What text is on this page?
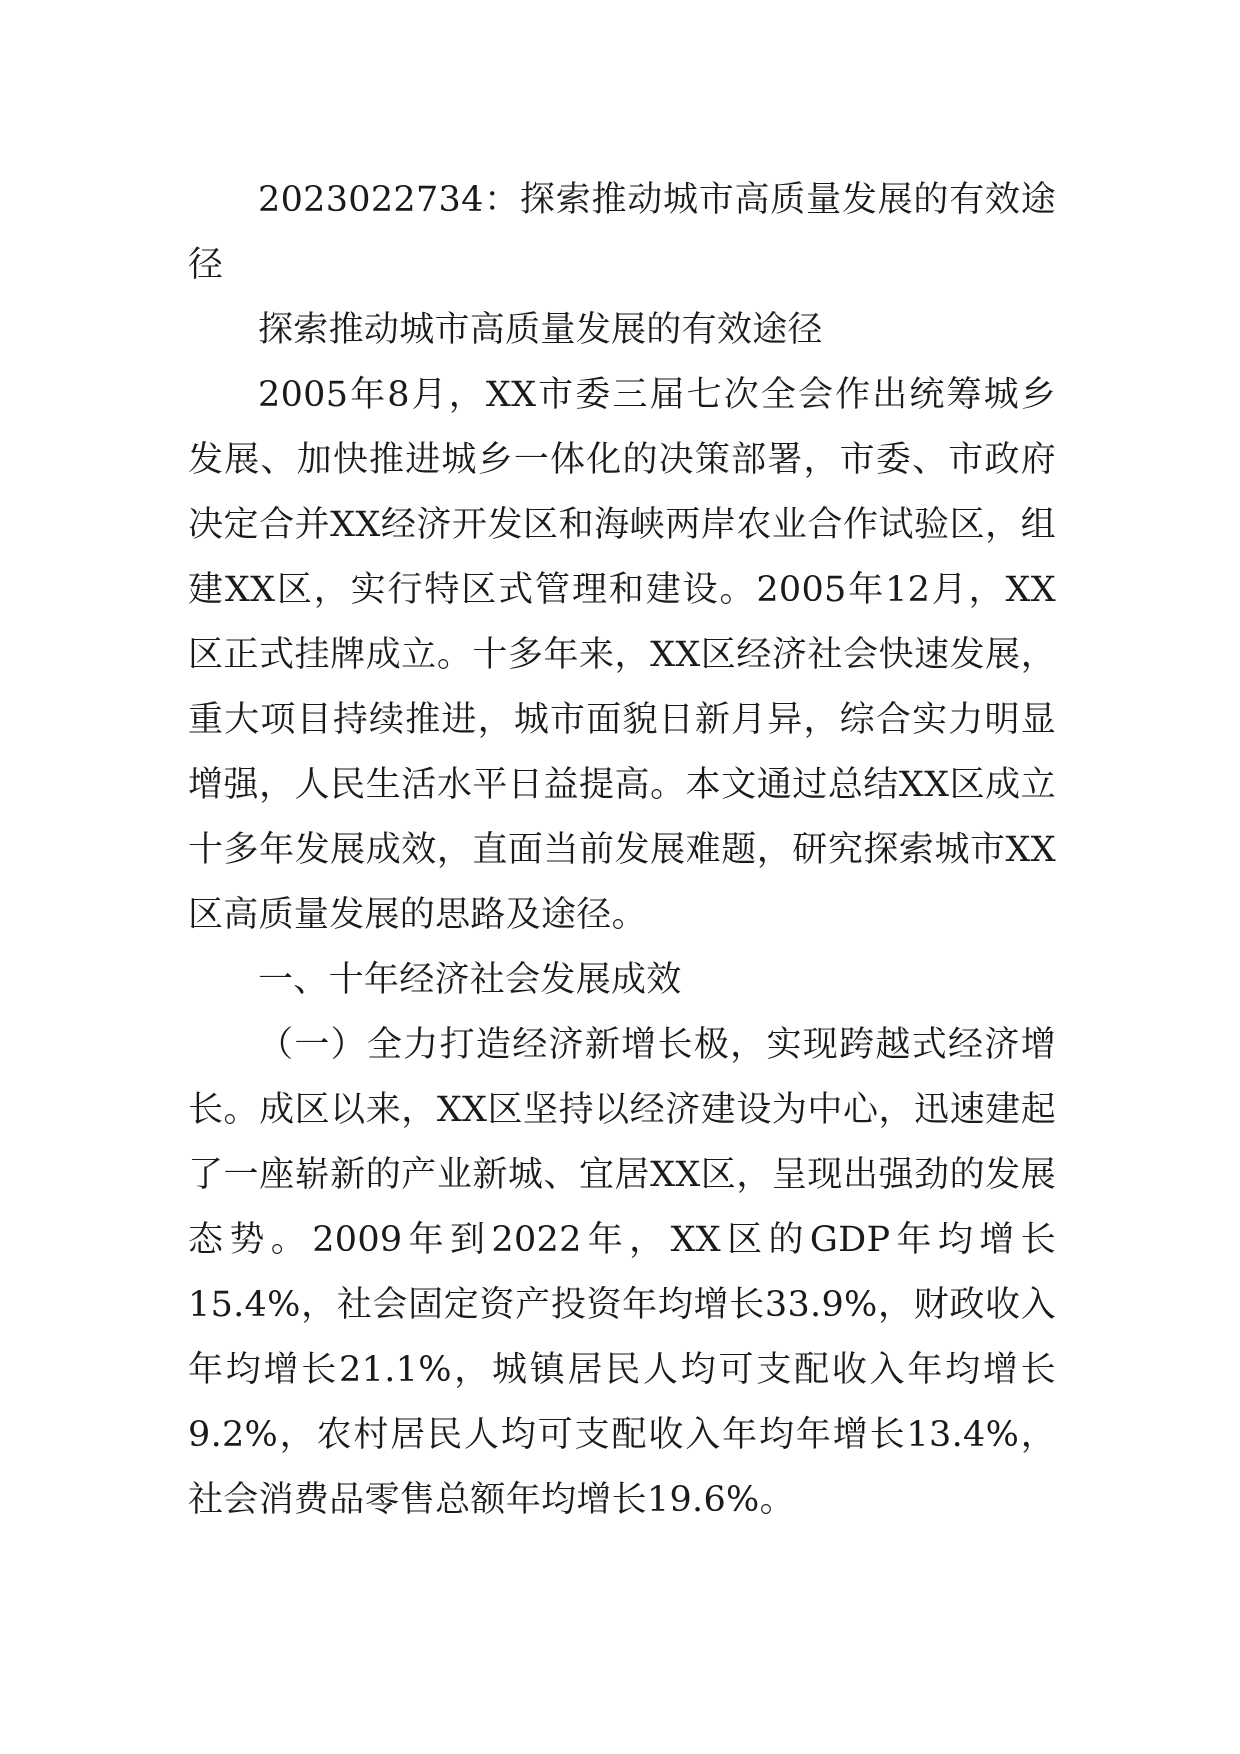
2023022734：探索推动城市高质量发展的有效途径

探索推动城市高质量发展的有效途径

2005年8月，XX市委三届七次全会作出统筹城乡发展、加快推进城乡一体化的决策部署，市委、市政府决定合并XX经济开发区和海峡两岸农业合作试验区，组建XX区，实行特区式管理和建设。2005年12月，XX区正式挂牌成立。十多年来，XX区经济社会快速发展，重大项目持续推进，城市面貌日新月异，综合实力明显增强，人民生活水平日益提高。本文通过总结XX区成立十多年发展成效，直面当前发展难题，研究探索城市XX区高质量发展的思路及途径。

一、十年经济社会发展成效

（一）全力打造经济新增长极，实现跨越式经济增长。成区以来，XX区坚持以经济建设为中心，迅速建起了一座崭新的产业新城、宜居XX区，呈现出强劲的发展态势。2009年到2022年，XX区的GDP年均增长15.4%，社会固定资产投资年均增长33.9%，财政收入年均增长21.1%，城镇居民人均可支配收入年均增长9.2%，农村居民人均可支配收入年均年增长13.4%，社会消费品零售总额年均增长19.6%。
